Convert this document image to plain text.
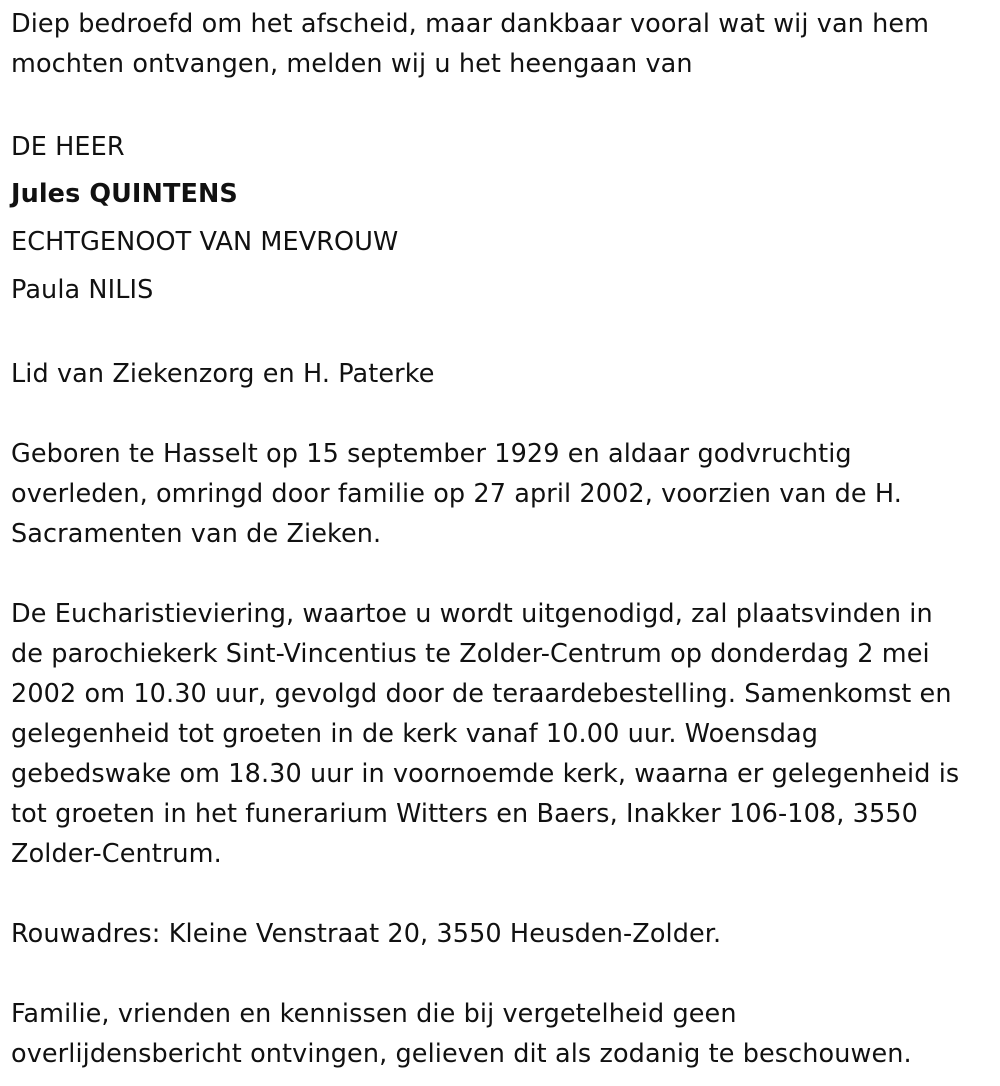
Diep bedroefd om het afscheid, maar dankbaar vooral wat wij van hem

mochten ontvangen, melden wij u het heengaan van

DE HEER

Jules QUINTENS

ECHTGENOOT VAN MEVROUW

Paula NILIS

Lid van Ziekenzorg en H. Paterke

Geboren te Hasselt op 15 september 1929 en aldaar godvruchtig

overleden, omringd door familie op 27 april 2002, voorzien van de H.

Sacramenten van de Zieken.

De Eucharistieviering, waartoe u wordt uitgenodigd, zal plaatsvinden in

de parochiekerk Sint-Vincentius te Zolder-Centrum op donderdag 2 mei

2002 om 10.30 uur, gevolgd door de teraardebestelling. Samenkomst en

gelegenheid tot groeten in de kerk vanaf 10.00 uur. Woensdag

gebedswake om 18.30 uur in voornoemde kerk, waarna er gelegenheid is

tot groeten in het funerarium Witters en Baers, Inakker 106-108, 3550

Zolder-Centrum.

Rouwadres: Kleine Venstraat 20, 3550 Heusden-Zolder.

Familie, vrienden en kennissen die bij vergetelheid geen

overlijdensbericht ontvingen, gelieven dit als zodanig te beschouwen.
